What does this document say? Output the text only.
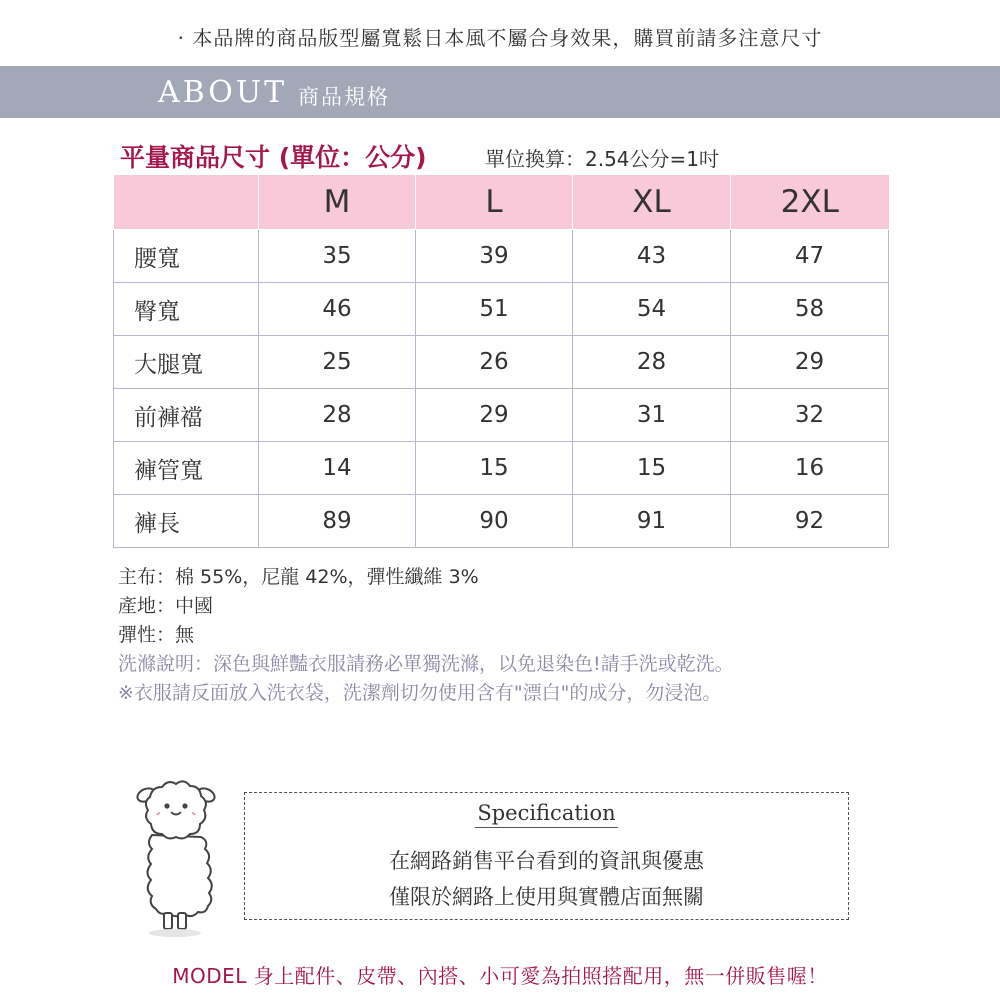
· 本品牌的商品版型屬寬鬆日本風不屬合身效果，購買前請多注意尺寸
ABOUT 商品規格
平量商品尺寸 (單位：公分)	單位換算：2.54公分=1吋
	M	L	XL	2XL
腰寬	35	39	43	47
臀寬	46	51	54	58
大腿寬	25	26	28	29
前褲襠	28	29	31	32
褲管寬	14	15	15	16
褲長	89	90	91	92
主布：棉 55%，尼龍 42%，彈性纖維 3%
產地：中國
彈性：無
洗滌說明：深色與鮮豔衣服請務必單獨洗滌，以免退染色!請手洗或乾洗。
※衣服請反面放入洗衣袋，洗潔劑切勿使用含有"漂白"的成分，勿浸泡。
Specification
在網路銷售平台看到的資訊與優惠
僅限於網路上使用與實體店面無關
MODEL 身上配件、皮帶、內搭、小可愛為拍照搭配用，無一併販售喔！
